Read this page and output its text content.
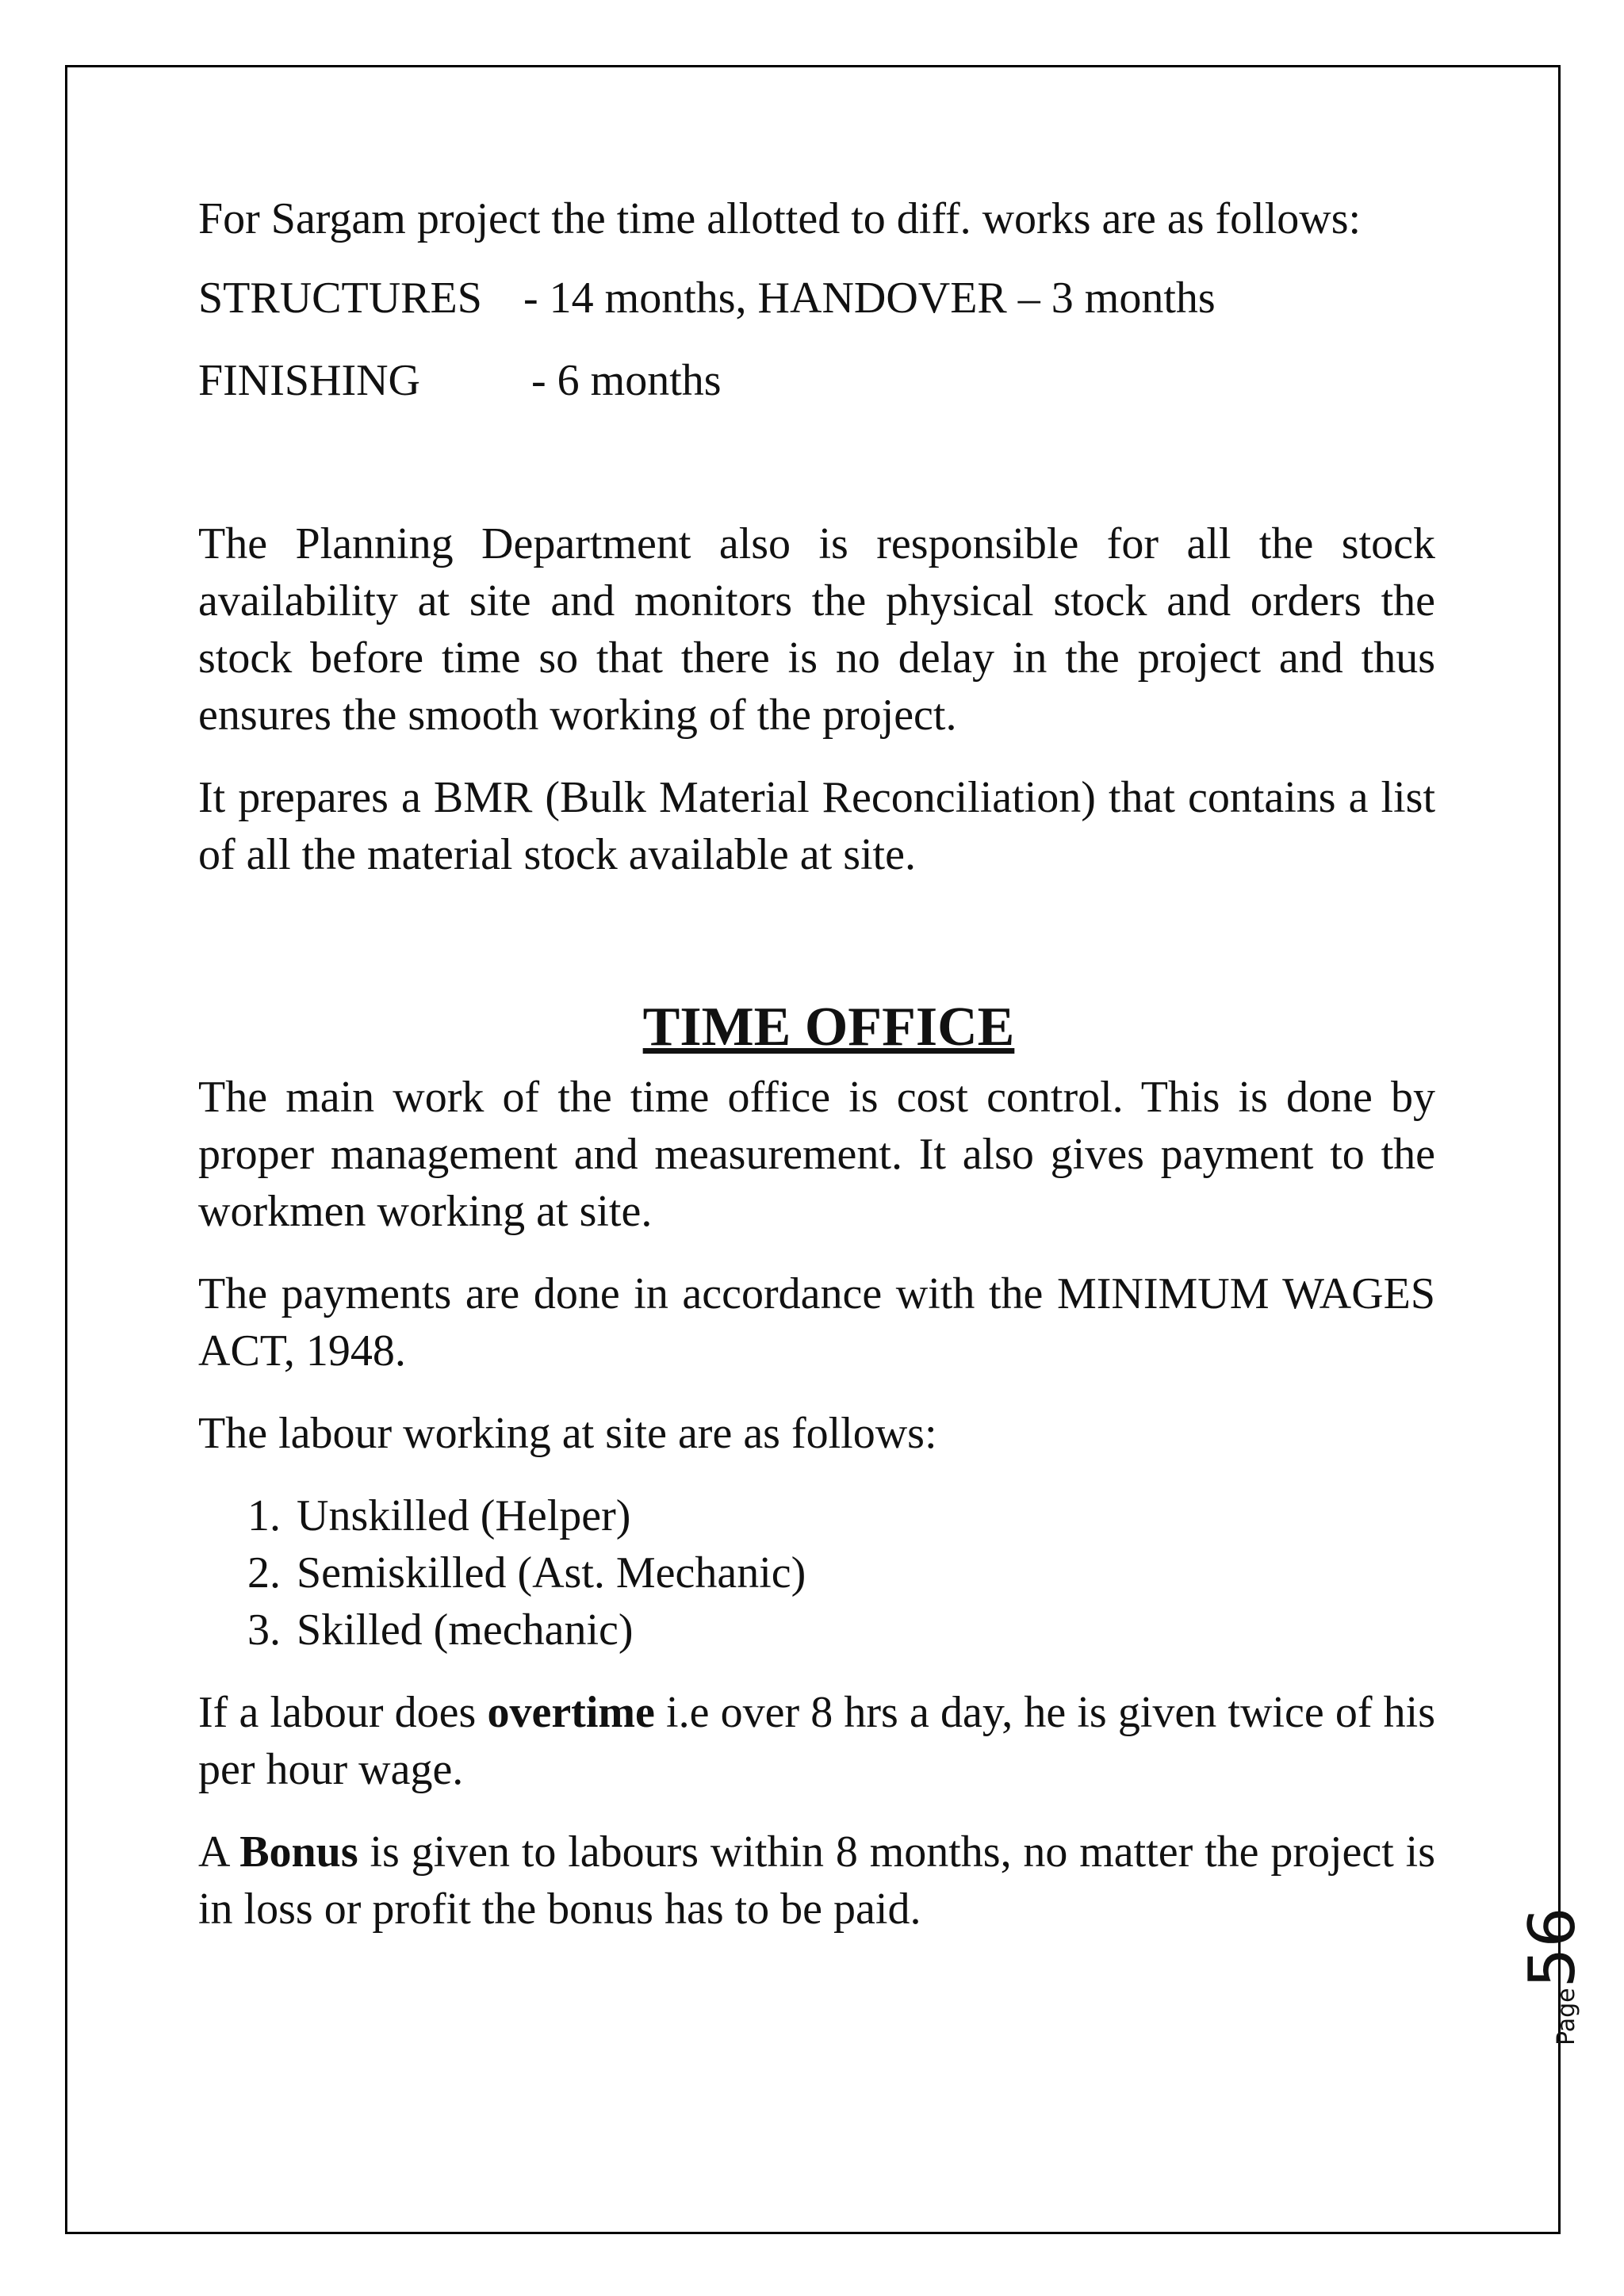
For Sargam project the time allotted to diff. works are as follows:

STRUCTURES - 14 months, HANDOVER – 3 months
FINISHING	- 6 months

The Planning Department also is responsible for all the stock availability at site and monitors the physical stock and orders the stock before time so that there is no delay in the project and thus ensures the smooth working of the project.

It prepares a BMR (Bulk Material Reconciliation) that contains a list of all the material stock available at site.

TIME OFFICE

The main work of the time office is cost control. This is done by proper management and measurement. It also gives payment to the workmen working at site.

The payments are done in accordance with the MINIMUM WAGES ACT, 1948.

The labour working at site are as follows:

1. Unskilled (Helper)
2. Semiskilled (Ast. Mechanic)
3. Skilled (mechanic)

If a labour does overtime i.e over 8 hrs a day, he is given twice of his per hour wage.

A Bonus is given to labours within 8 months, no matter the project is in loss or profit the bonus has to be paid.

Page
56
